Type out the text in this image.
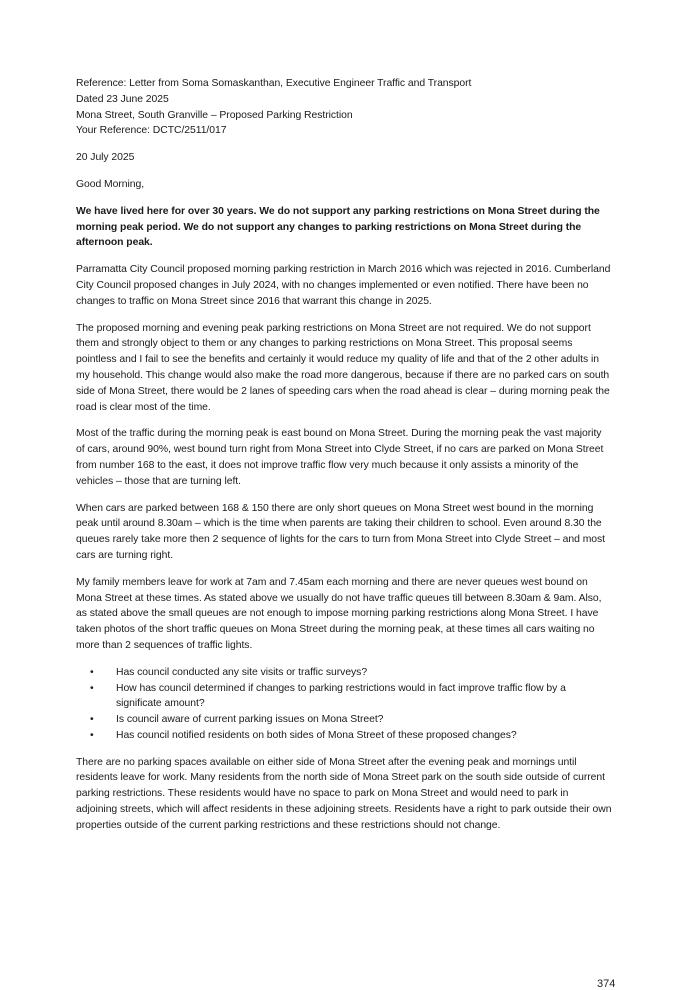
Reference: Letter from Soma Somaskanthan, Executive Engineer Traffic and Transport

Dated 23 June 2025

Mona Street, South Granville – Proposed Parking Restriction

Your Reference: DCTC/2511/017

20 July 2025

Good Morning,

We have lived here for over 30 years. We do not support any parking restrictions on Mona Street during the morning peak period. We do not support any changes to parking restrictions on Mona Street during the afternoon peak.

Parramatta City Council proposed morning parking restriction in March 2016 which was rejected in 2016. Cumberland City Council proposed changes in July 2024, with no changes implemented or even notified. There have been no changes to traffic on Mona Street since 2016 that warrant this change in 2025.

The proposed morning and evening peak parking restrictions on Mona Street are not required. We do not support them and strongly object to them or any changes to parking restrictions on Mona Street. This proposal seems pointless and I fail to see the benefits and certainly it would reduce my quality of life and that of the 2 other adults in my household. This change would also make the road more dangerous, because if there are no parked cars on south side of Mona Street, there would be 2 lanes of speeding cars when the road ahead is clear – during morning peak the road is clear most of the time.

Most of the traffic during the morning peak is east bound on Mona Street. During the morning peak the vast majority of cars, around 90%, west bound turn right from Mona Street into Clyde Street, if no cars are parked on Mona Street from number 168 to the east, it does not improve traffic flow very much because it only assists a minority of the vehicles – those that are turning left.

When cars are parked between 168 & 150 there are only short queues on Mona Street west bound in the morning peak until around 8.30am – which is the time when parents are taking their children to school. Even around 8.30 the queues rarely take more then 2 sequence of lights for the cars to turn from Mona Street into Clyde Street – and most cars are turning right.

My family members leave for work at 7am and 7.45am each morning and there are never queues west bound on Mona Street at these times. As stated above we usually do not have traffic queues till between 8.30am & 9am. Also, as stated above the small queues are not enough to impose morning parking restrictions along Mona Street. I have taken photos of the short traffic queues on Mona Street during the morning peak, at these times all cars waiting no more than 2 sequences of traffic lights.

• Has council conducted any site visits or traffic surveys?
• How has council determined if changes to parking restrictions would in fact improve traffic flow by a significate amount?
• Is council aware of current parking issues on Mona Street?
• Has council notified residents on both sides of Mona Street of these proposed changes?

There are no parking spaces available on either side of Mona Street after the evening peak and mornings until residents leave for work. Many residents from the north side of Mona Street park on the south side outside of current parking restrictions. These residents would have no space to park on Mona Street and would need to park in adjoining streets, which will affect residents in these adjoining streets. Residents have a right to park outside their own properties outside of the current parking restrictions and these restrictions should not change.

374
